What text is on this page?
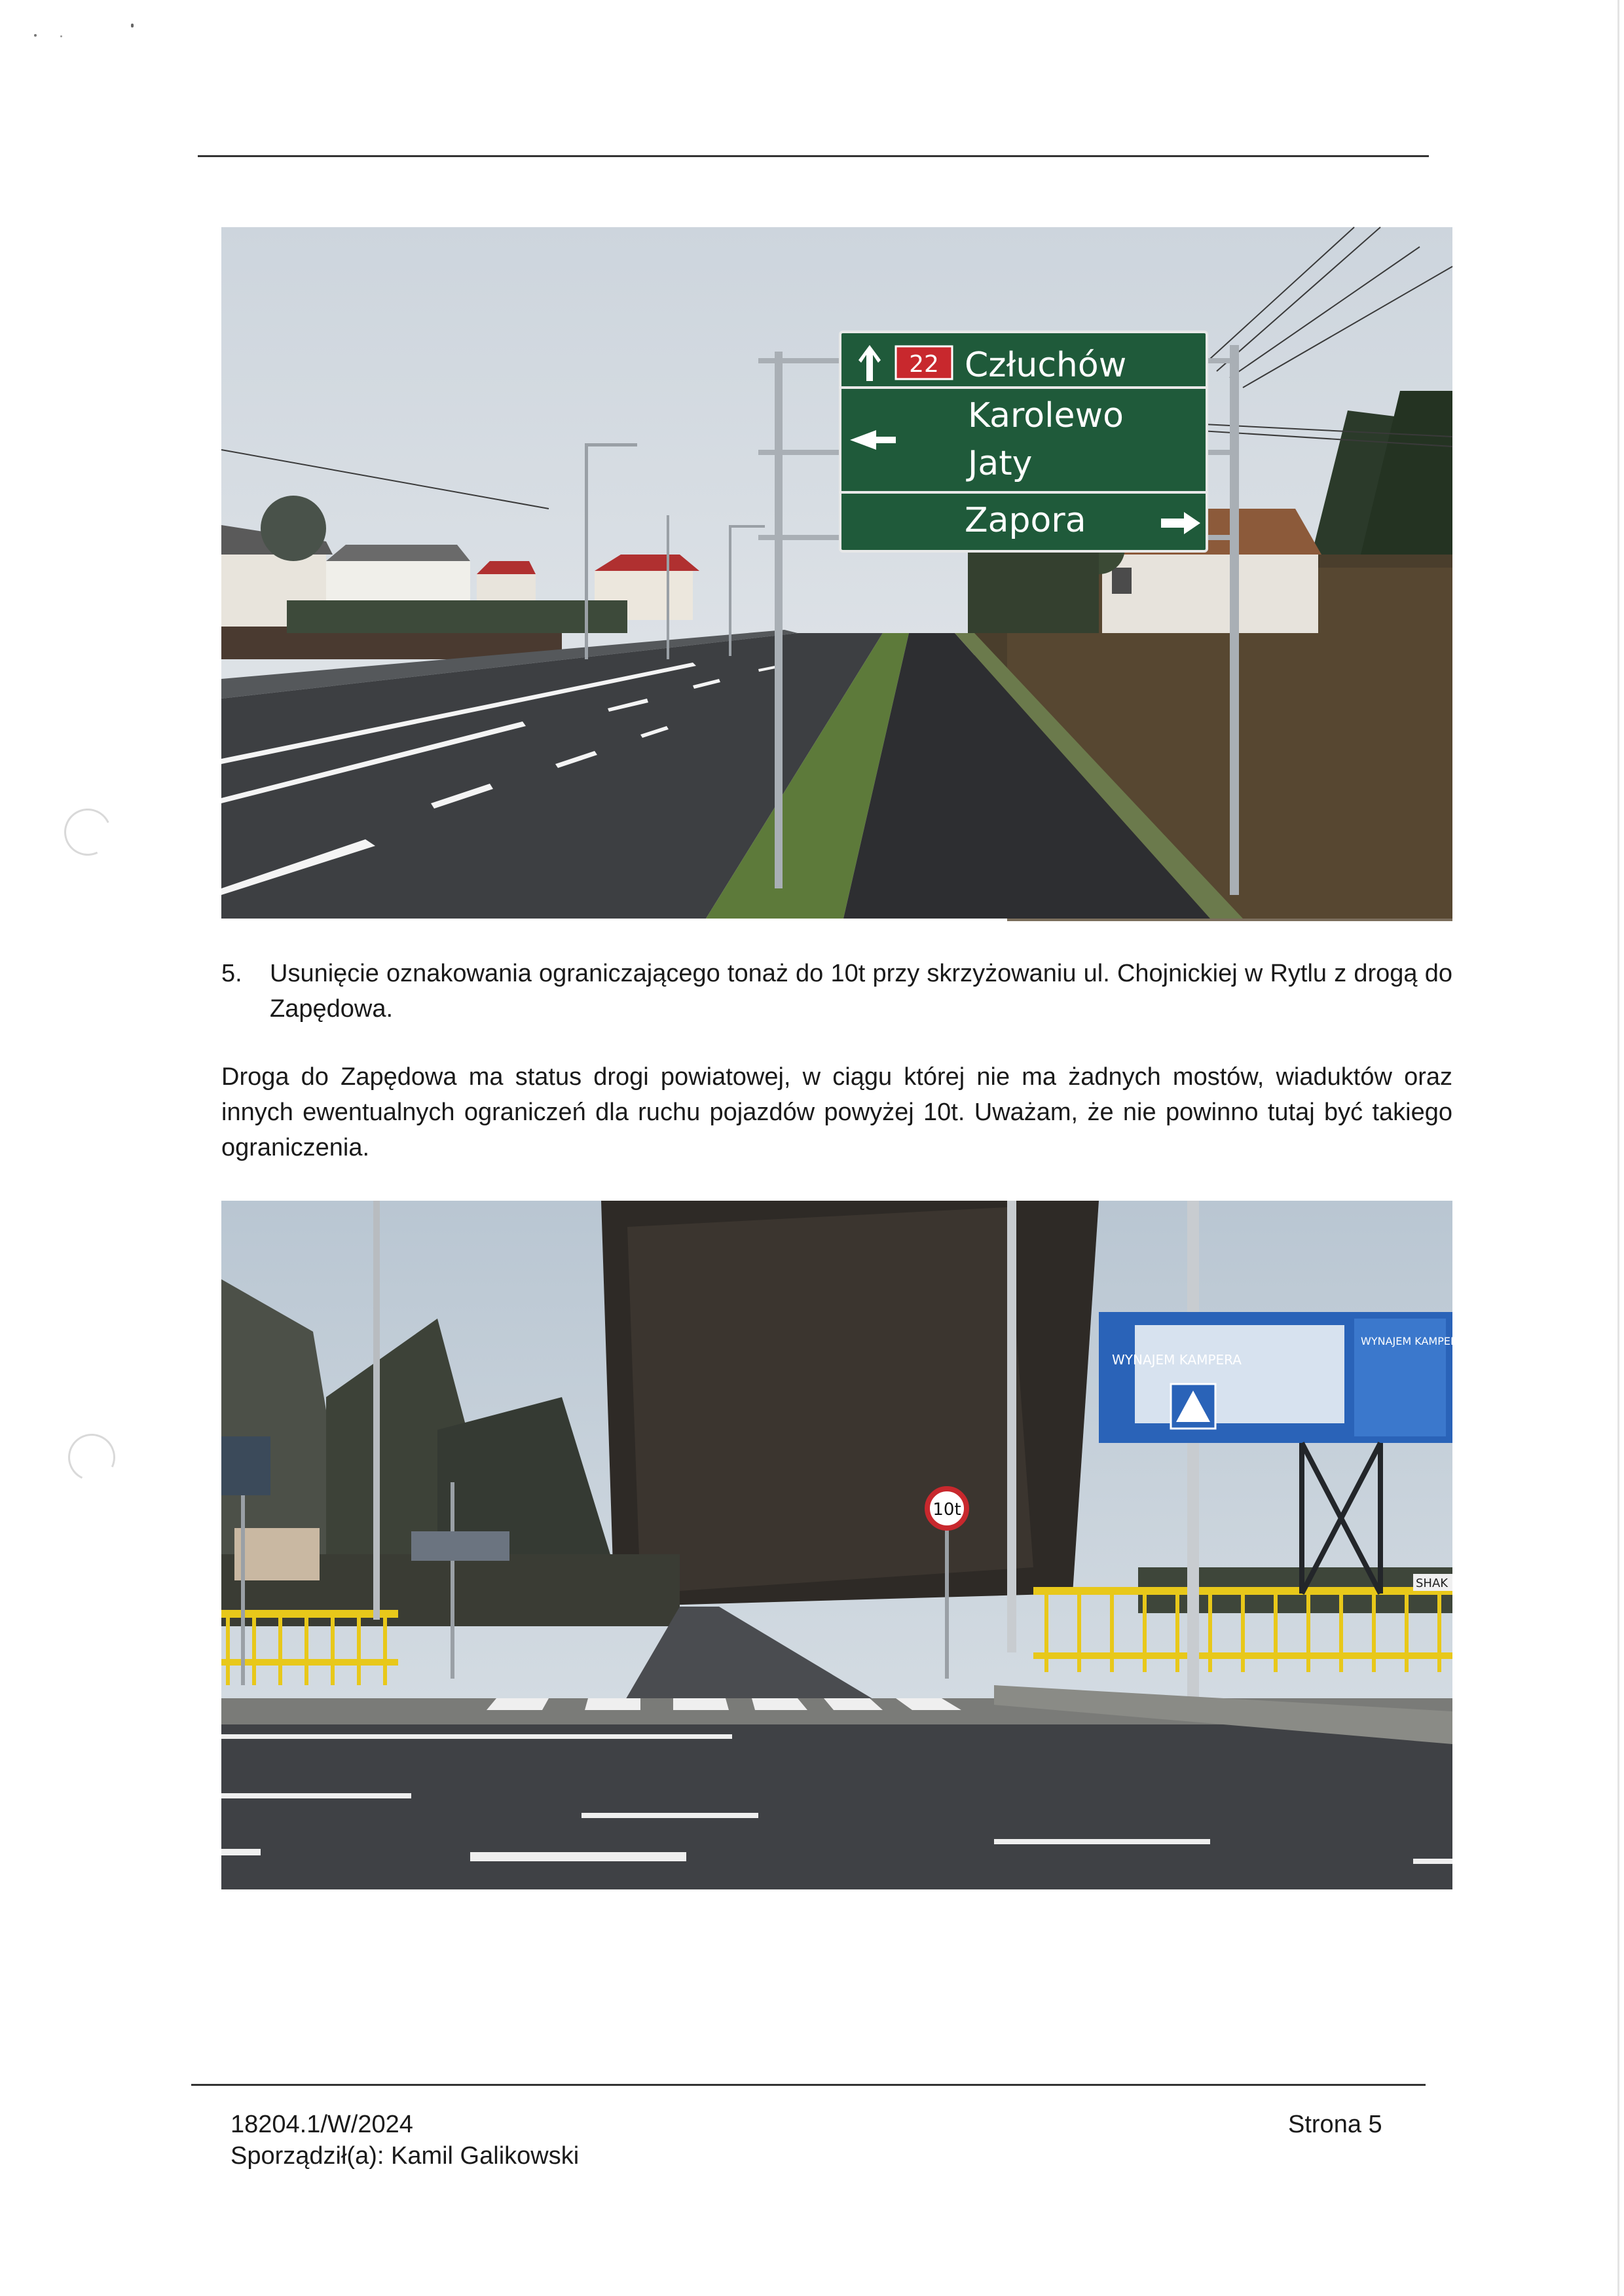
22 Człuchów
Karolewo
Jaty
Zapora
5. Usunięcie oznakowania ograniczającego tonaż do 10t przy skrzyżowaniu ul. Chojnickiej w Rytlu z drogą do Zapędowa.
Droga do Zapędowa ma status drogi powiatowej, w ciągu której nie ma żadnych mostów, wiaduktów oraz innych ewentualnych ograniczeń dla ruchu pojazdów powyżej 10t. Uważam, że nie powinno tutaj być takiego ograniczenia.
10t
WYNAJEM KAMPERA
WYNAJEM KAMPERA
SHAK
18204.1/W/2024
Sporządził(a): Kamil Galikowski
Strona 5
